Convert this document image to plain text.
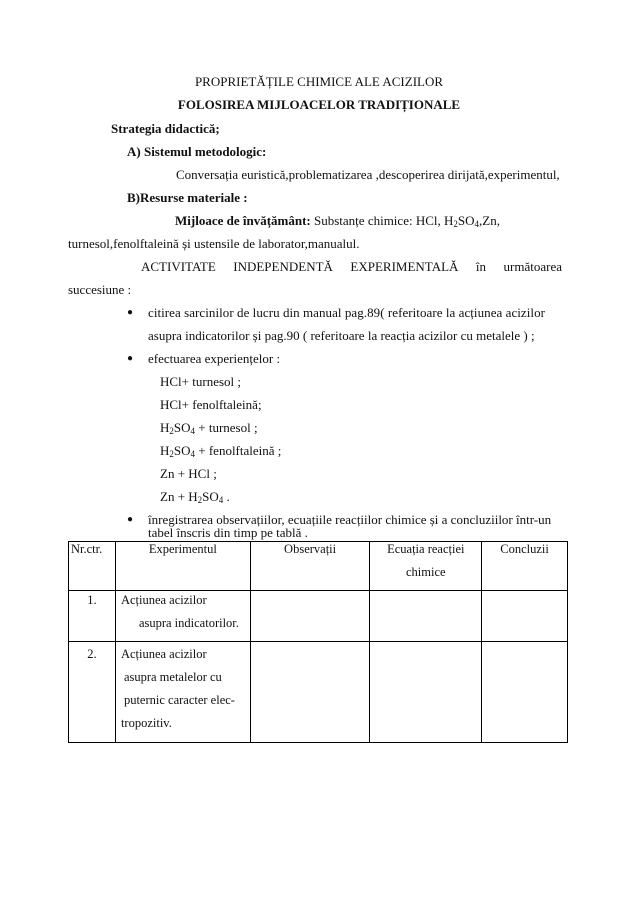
PROPRIETĂȚILE CHIMICE ALE ACIZILOR
FOLOSIREA MIJLOACELOR TRADIȚIONALE
Strategia didactică;
A) Sistemul metodologic:
Conversația euristică,problematizarea ,descoperirea dirijată,experimentul,
B)Resurse materiale :
Mijloace de învățământ: Substanțe chimice: HCl, $H_2SO_4,Zn$,
turnesol,fenolftaleină și ustensile de laborator,manualul.
ACTIVITATE INDEPENDENTĂ EXPERIMENTALĂ în următoarea
succesiune :
● citirea sarcinilor de lucru din manual pag.89( referitoare la acțiunea acizilor
asupra indicatorilor și pag.90 ( referitoare la reacția acizilor cu metalele ) ;
● efectuarea experiențelor :
HCl+ turnesol ;
HCl+ fenolftaleină;
$H_2SO_4$ + turnesol ;
$H_2SO_4$ + fenolftaleină ;
Zn + HCl ;
$Zn + H_2SO_4$ .
● înregistrarea observațiilor, ecuațiile reacțiilor chimice și a concluziilor într-un
tabel înscris din timp pe tablă .
Nr.ctr.	Experimentul	Observații	Ecuația reacției
chimice	Concluzii
1.	Acțiunea acizilor
asupra indicatorilor.			

2.	Acțiunea acizilor
asupra metalelor cu
puternic caracter elec-
tropozitiv.			
